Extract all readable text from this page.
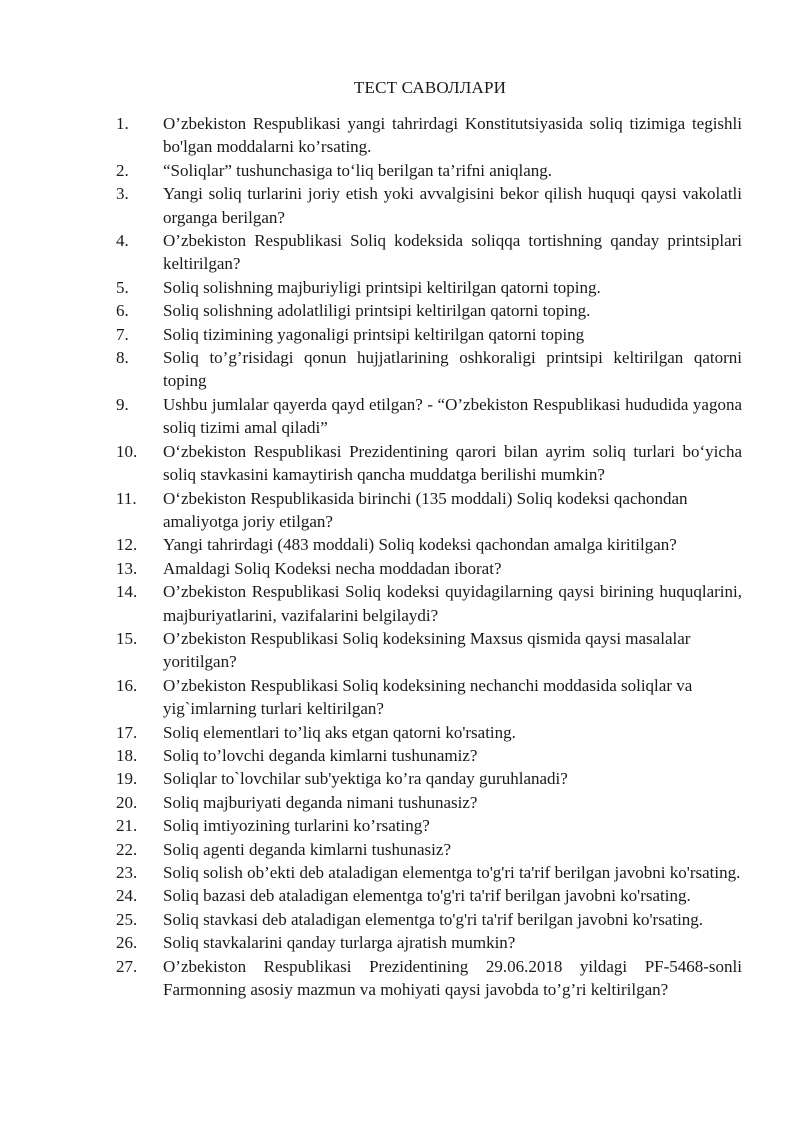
ТЕСТ САВОЛЛАРИ
1.	O’zbekiston Respublikasi yangi tahrirdagi Konstitutsiyasida soliq tizimiga tegishli bo'lgan moddalarni ko’rsating.
2.	“Soliqlar” tushunchasiga to‘liq berilgan ta’rifni aniqlang.
3.	Yangi soliq turlarini joriy etish yoki avvalgisini bekor qilish huquqi qaysi vakolatli organga berilgan?
4.	O’zbekiston Respublikasi Soliq kodeksida soliqqa tortishning qanday printsiplari keltirilgan?
5.	Soliq solishning majburiyligi printsipi keltirilgan qatorni toping.
6.	Soliq solishning adolatliligi printsipi keltirilgan qatorni toping.
7.	Soliq tizimining yagonaligi printsipi keltirilgan qatorni toping
8.	Soliq to’g’risidagi qonun hujjatlarining oshkoraligi printsipi keltirilgan qatorni toping
9.	Ushbu jumlalar qayerda qayd etilgan? - “O’zbekiston Respublikasi hududida yagona soliq tizimi amal qiladi”
10.	O‘zbekiston Respublikasi Prezidentining qarori bilan ayrim soliq turlari bo‘yicha soliq stavkasini kamaytirish qancha muddatga berilishi mumkin?
11.	O‘zbekiston Respublikasida birinchi (135 moddali) Soliq kodeksi qachondan amaliyotga joriy etilgan?
12.	Yangi tahrirdagi (483 moddali) Soliq kodeksi qachondan amalga kiritilgan?
13.	Amaldagi Soliq Kodeksi necha moddadan iborat?
14.	O’zbekiston Respublikasi Soliq kodeksi quyidagilarning qaysi birining huquqlarini, majburiyatlarini, vazifalarini belgilaydi?
15.	O’zbekiston Respublikasi Soliq kodeksining Maxsus qismida qaysi masalalar yoritilgan?
16.	O’zbekiston Respublikasi Soliq kodeksining nechanchi moddasida soliqlar va yig`imlarning turlari keltirilgan?
17.	Soliq elementlari to’liq aks etgan qatorni ko'rsating.
18.	Soliq to’lovchi deganda kimlarni tushunamiz?
19.	Soliqlar to`lovchilar sub'yektiga ko’ra qanday guruhlanadi?
20.	Soliq majburiyati deganda nimani tushunasiz?
21.	Soliq imtiyozining turlarini ko’rsating?
22.	Soliq agenti deganda kimlarni tushunasiz?
23.	Soliq solish ob’ekti deb ataladigan elementga to'g'ri ta'rif berilgan javobni ko'rsating.
24.	Soliq bazasi deb ataladigan elementga to'g'ri ta'rif berilgan javobni ko'rsating.
25.	Soliq stavkasi deb ataladigan elementga to'g'ri ta'rif berilgan javobni ko'rsating.
26.	Soliq stavkalarini qanday turlarga ajratish mumkin?
27.	O’zbekiston Respublikasi Prezidentining 29.06.2018 yildagi PF-5468-sonli Farmonning asosiy mazmun va mohiyati qaysi javobda to’g’ri keltirilgan?
